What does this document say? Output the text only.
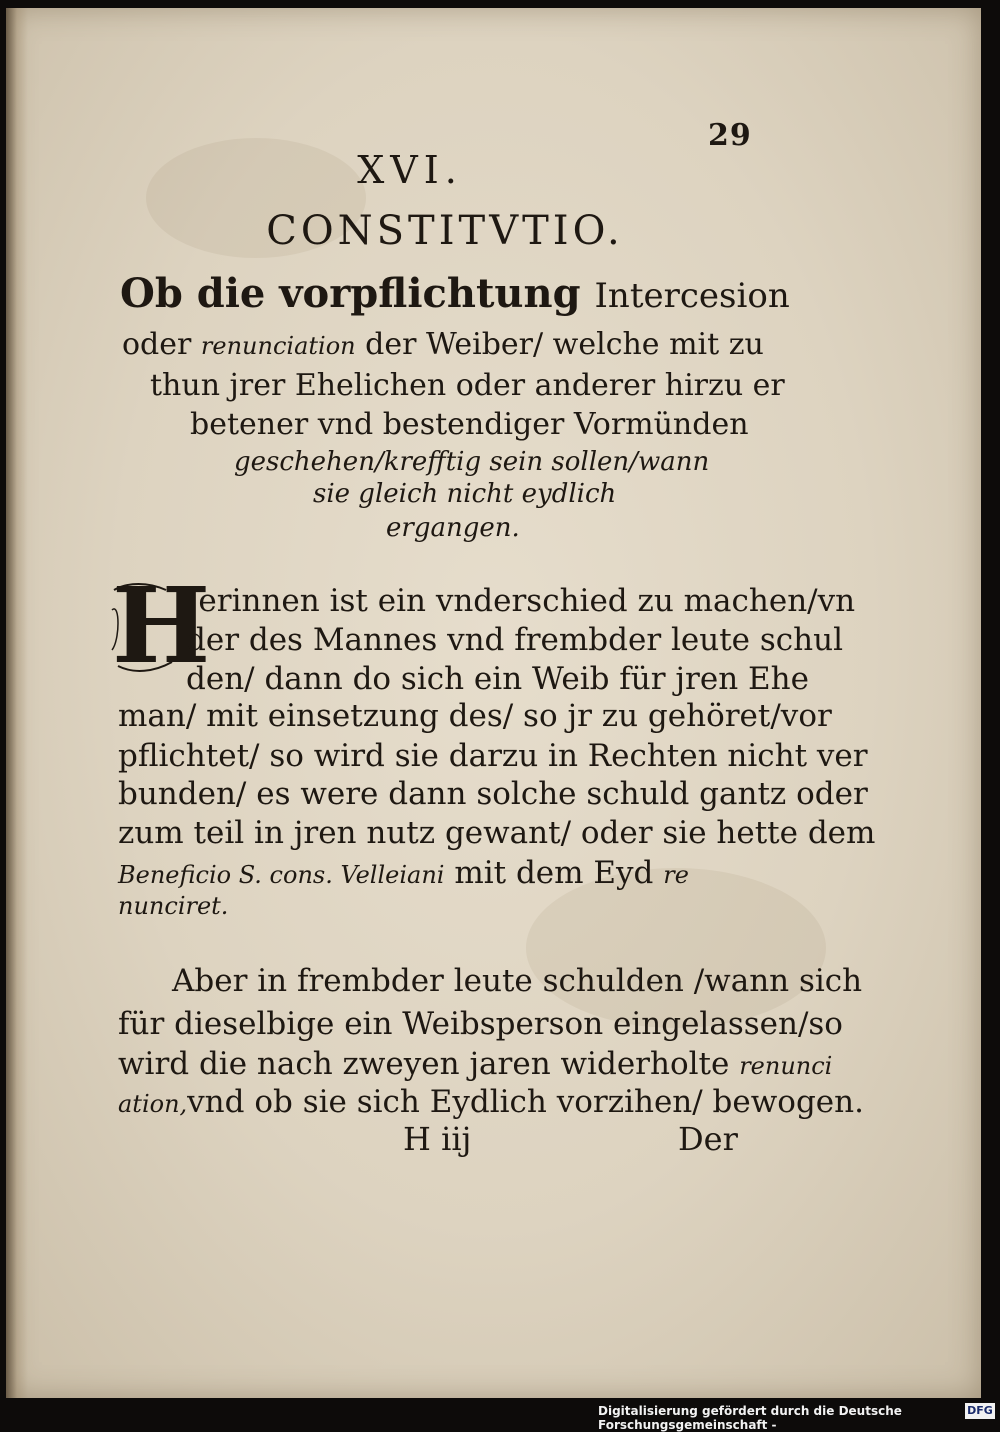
29
XVI.
CONSTITVTIO.
Ob die vorpflichtung Intercesion
oder renunciation der Weiber/ welche mit zu
thun jrer Ehelichen oder anderer hirzu er
betener vnd bestendiger Vormünden
geschehen/krefftig sein sollen/wann
sie gleich nicht eydlich
ergangen.
H
Jerinnen ist ein vnderschied zu machen/vn
der des Mannes vnd frembder leute schul
den/ dann do sich ein Weib für jren Ehe
man/ mit einsetzung des/ so jr zu gehöret/vor
pflichtet/ so wird sie darzu in Rechten nicht ver
bunden/ es were dann solche schuld gantz oder
zum teil in jren nutz gewant/ oder sie hette dem
Beneficio S. cons. Velleiani mit dem Eyd re
nunciret.
Aber in frembder leute schulden /wann sich
für dieselbige ein Weibsperson eingelassen/so
wird die nach zweyen jaren widerholte renunci
ation,vnd ob sie sich Eydlich vorzihen/ bewogen.
H iij	Der
Digitalisierung gefördert durch die Deutsche Forschungsgemeinschaft -
DFG
